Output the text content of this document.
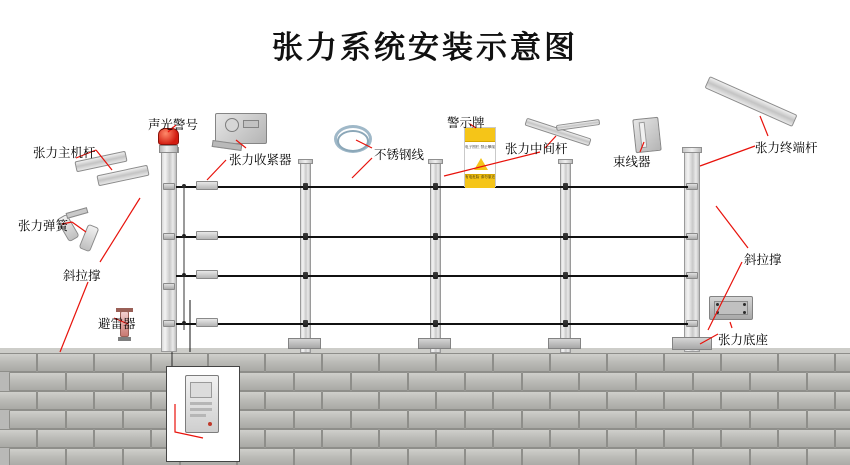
张力系统安装示意图
电子围栏 禁止攀爬
有电危险 请勿靠近
张力主机杆
声光警号
张力弹簧
张力收紧器
斜拉撑
不锈钢线
警示牌
张力中间杆
束线器
张力终端杆
斜拉撑
张力底座
避雷器
